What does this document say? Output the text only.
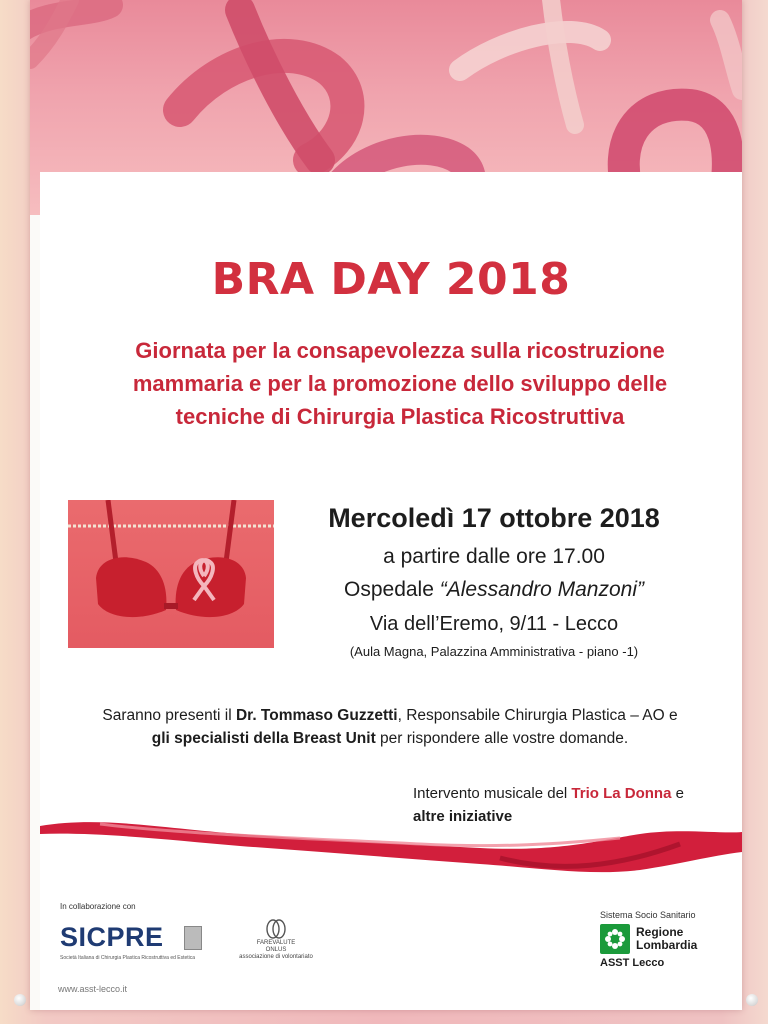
BRA DAY 2018
Giornata per la consapevolezza sulla ricostruzione
mammaria e per la promozione dello sviluppo delle
tecniche di Chirurgia Plastica Ricostruttiva
Mercoledì 17 ottobre 2018
a partire dalle ore 17.00
Ospedale “Alessandro Manzoni”
Via dell’Eremo, 9/11 - Lecco
(Aula Magna, Palazzina Amministrativa - piano -1)
Saranno presenti il Dr. Tommaso Guzzetti, Responsabile Chirurgia Plastica – AO e
gli specialisti della Breast Unit per rispondere alle vostre domande.
Intervento musicale del Trio La Donna e
altre iniziative
In collaborazione con
SICPRE
Società Italiana di Chirurgia Plastica Ricostruttiva ed Estetica
FAREVALUTE
ONLUS
associazione di volontariato
Sistema Socio Sanitario
Regione
Lombardia
ASST Lecco
www.asst-lecco.it
